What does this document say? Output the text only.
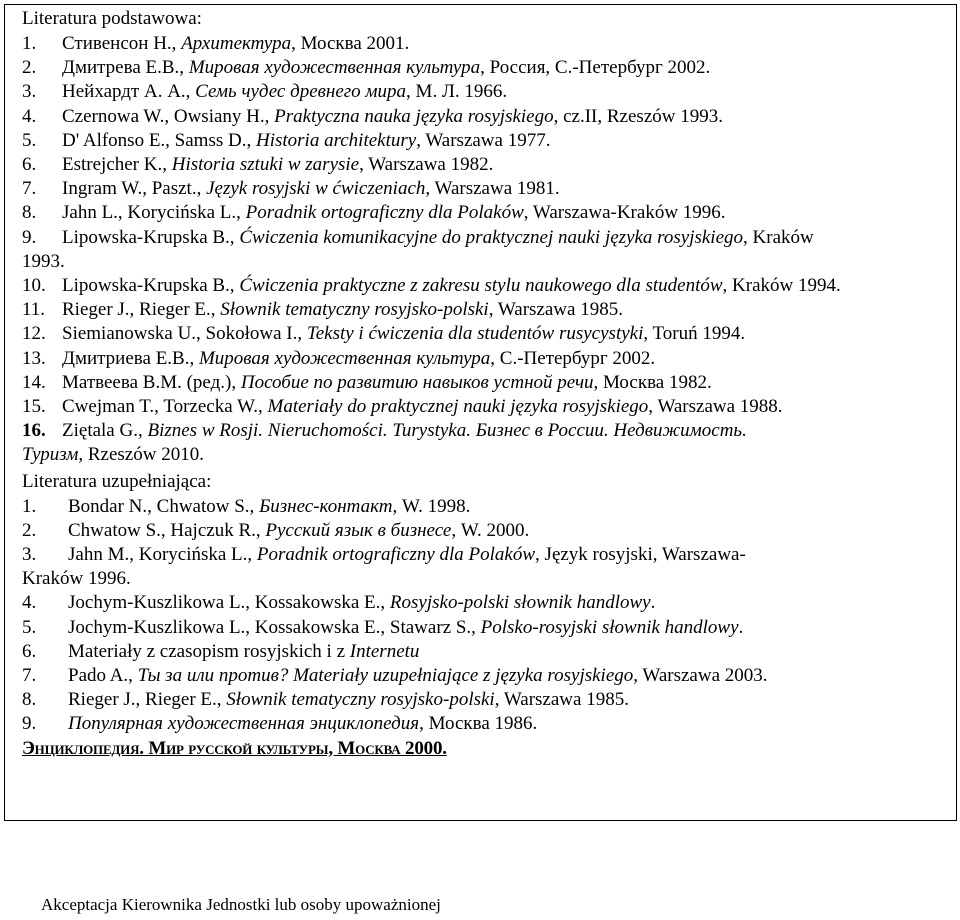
Literatura podstawowa:
1. Стивенсон Н., Архитектура, Москва 2001.
2. Дмитрева Е.В., Мировая художественная культура, Россия, С.-Петербург 2002.
3. Нейхардт А. А., Семь чудес древнего мира, М. Л. 1966.
4. Czernowa W., Owsiany H., Praktyczna nauka języka rosyjskiego, cz.II, Rzeszów 1993.
5. D' Alfonso E., Samss D., Historia architektury, Warszawa 1977.
6. Estrejcher K., Historia sztuki w zarysie, Warszawa 1982.
7. Ingram W., Paszt., Język rosyjski w ćwiczeniach, Warszawa 1981.
8. Jahn L., Korycińska L., Poradnik ortograficzny dla Polaków, Warszawa-Kraków 1996.
9. Lipowska-Krupska B., Ćwiczenia komunikacyjne do praktycznej nauki języka rosyjskiego, Kraków
1993.
10. Lipowska-Krupska B., Ćwiczenia praktyczne z zakresu stylu naukowego dla studentów, Kraków 1994.
11. Rieger J., Rieger E., Słownik tematyczny rosyjsko-polski, Warszawa 1985.
12. Siemianowska U., Sokołowa I., Teksty i ćwiczenia dla studentów rusycystyki, Toruń 1994.
13. Дмитриева Е.В., Мировая художественная культура, С.-Петербург 2002.
14. Матвеева В.М. (ред.), Пособие по развитию навыков устной речи, Москва 1982.
15. Cwejman T., Torzecka W., Materiały do praktycznej nauki języka rosyjskiego, Warszawa 1988.
16. Ziętala G., Biznes w Rosji. Nieruchomości. Turystyka. Бизнес в России. Недвижимость.
Туризм, Rzeszów 2010.
Literatura uzupełniająca:
1. Bondar N., Chwatow S., Бизнес-контакт, W. 1998.
2. Chwatow S., Hajczuk R., Русский язык в бизнесе, W. 2000.
3. Jahn M., Korycińska L., Poradnik ortograficzny dla Polaków, Język rosyjski, Warszawa-
Kraków 1996.
4. Jochym-Kuszlikowa L., Kossakowska E., Rosyjsko-polski słownik handlowy.
5. Jochym-Kuszlikowa L., Kossakowska E., Stawarz S., Polsko-rosyjski słownik handlowy.
6. Materiały z czasopism rosyjskich i z Internetu
7. Pado A., Ты за или против? Materiały uzupełniające z języka rosyjskiego, Warszawa 2003.
8. Rieger J., Rieger E., Słownik tematyczny rosyjsko-polski, Warszawa 1985.
9. Популярная художественная энциклопедия, Москва 1986.
Энциклопедия. Мир русской культуры, Москва 2000.
Akceptacja Kierownika Jednostki lub osoby upoważnionej
